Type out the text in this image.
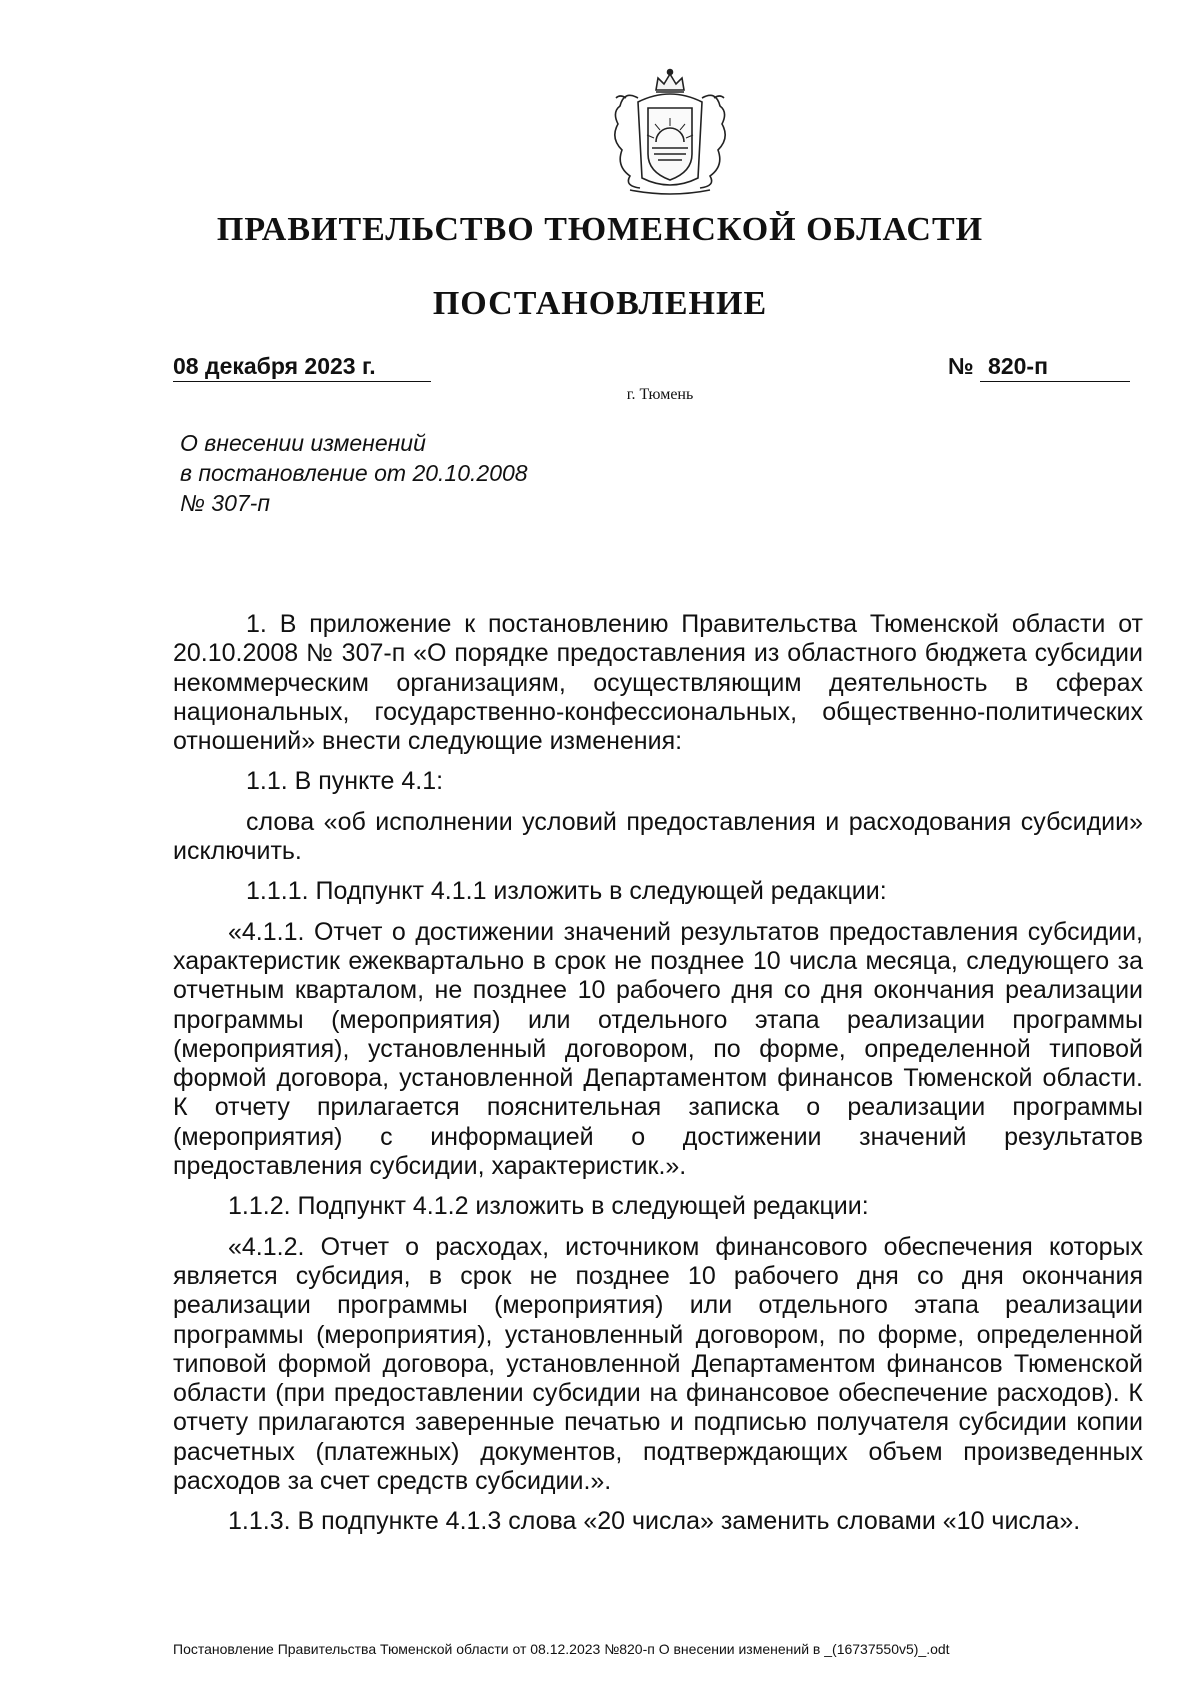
ПРАВИТЕЛЬСТВО ТЮМЕНСКОЙ ОБЛАСТИ
ПОСТАНОВЛЕНИЕ
08 декабря 2023 г.	№ 820-п
г. Тюмень
О внесении изменений
в постановление от 20.10.2008
№ 307-п

1. В приложение к постановлению Правительства Тюменской области от 20.10.2008 № 307-п «О порядке предоставления из областного бюджета субсидии некоммерческим организациям, осуществляющим деятельность в сферах национальных, государственно-конфессиональных, общественно-политических отношений» внести следующие изменения:

1.1. В пункте 4.1:

слова «об исполнении условий предоставления и расходования субсидии» исключить.

1.1.1. Подпункт 4.1.1 изложить в следующей редакции:

«4.1.1. Отчет о достижении значений результатов предоставления субсидии, характеристик ежеквартально в срок не позднее 10 числа месяца, следующего за отчетным кварталом, не позднее 10 рабочего дня со дня окончания реализации программы (мероприятия) или отдельного этапа реализации программы (мероприятия), установленный договором, по форме, определенной типовой формой договора, установленной Департаментом финансов Тюменской области. К отчету прилагается пояснительная записка о реализации программы (мероприятия) с информацией о достижении значений результатов предоставления субсидии, характеристик.».

1.1.2. Подпункт 4.1.2 изложить в следующей редакции:

«4.1.2. Отчет о расходах, источником финансового обеспечения которых является субсидия, в срок не позднее 10 рабочего дня со дня окончания реализации программы (мероприятия) или отдельного этапа реализации программы (мероприятия), установленный договором, по форме, определенной типовой формой договора, установленной Департаментом финансов Тюменской области (при предоставлении субсидии на финансовое обеспечение расходов). К отчету прилагаются заверенные печатью и подписью получателя субсидии копии расчетных (платежных) документов, подтверждающих объем произведенных расходов за счет средств субсидии.».

1.1.3. В подпункте 4.1.3 слова «20 числа» заменить словами «10 числа».

Постановление Правительства Тюменской области от 08.12.2023 №820-п О внесении изменений в _(16737550v5)_.odt
